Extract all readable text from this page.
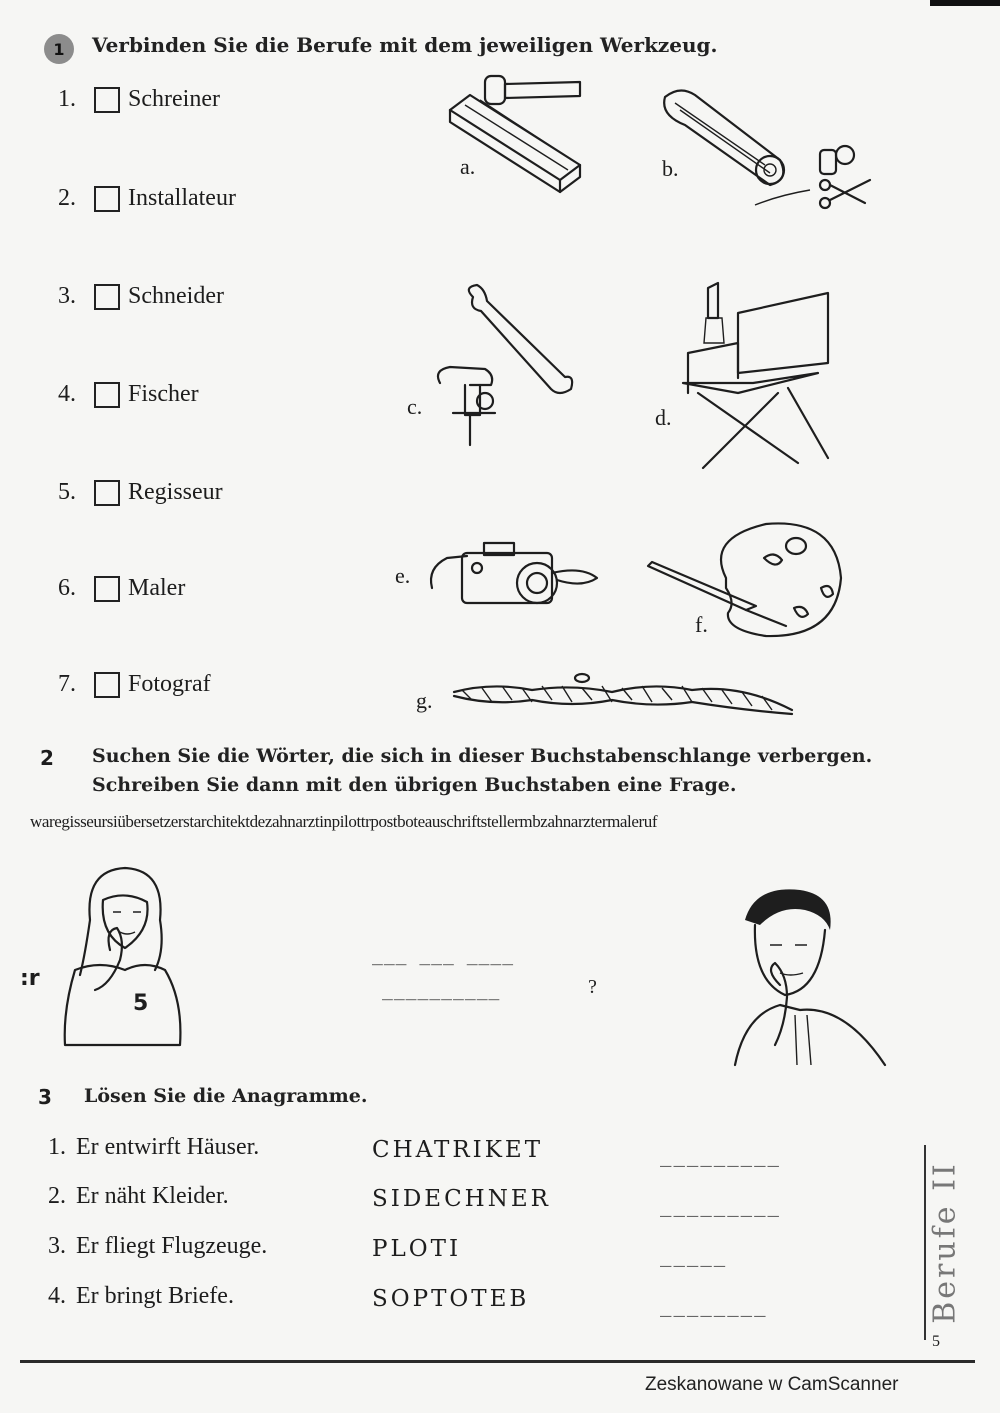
1	Verbinden Sie die Berufe mit dem jeweiligen Werkzeug.
1.	Schreiner
2.	Installateur
3.	Schneider
4.	Fischer
5.	Regisseur
6.	Maler
7.	Fotograf
a.	b.
c.	d.
e.
f.
g.
2 Suchen Sie die Wörter, die sich in dieser Buchstabenschlange verbergen.
Schreiben Sie dann mit den übrigen Buchstaben eine Frage.
waregisseursiübersetzerstarchitektdezahnarztinpilottrpostboteauschriftstellermbzahnarztermaleruf
5
:r
___ ___ ____
__________	?
3 Lösen Sie die Anagramme.
1. Er entwirft Häuser.	CHATRIKET	_________
2. Er näht Kleider.	SIDECHNER	_________
3. Er fliegt Flugzeuge.	PLOTI	_____
4. Er bringt Briefe.	SOPTOTEB	________	Berufe II
5
Zeskanowane w CamScanner
